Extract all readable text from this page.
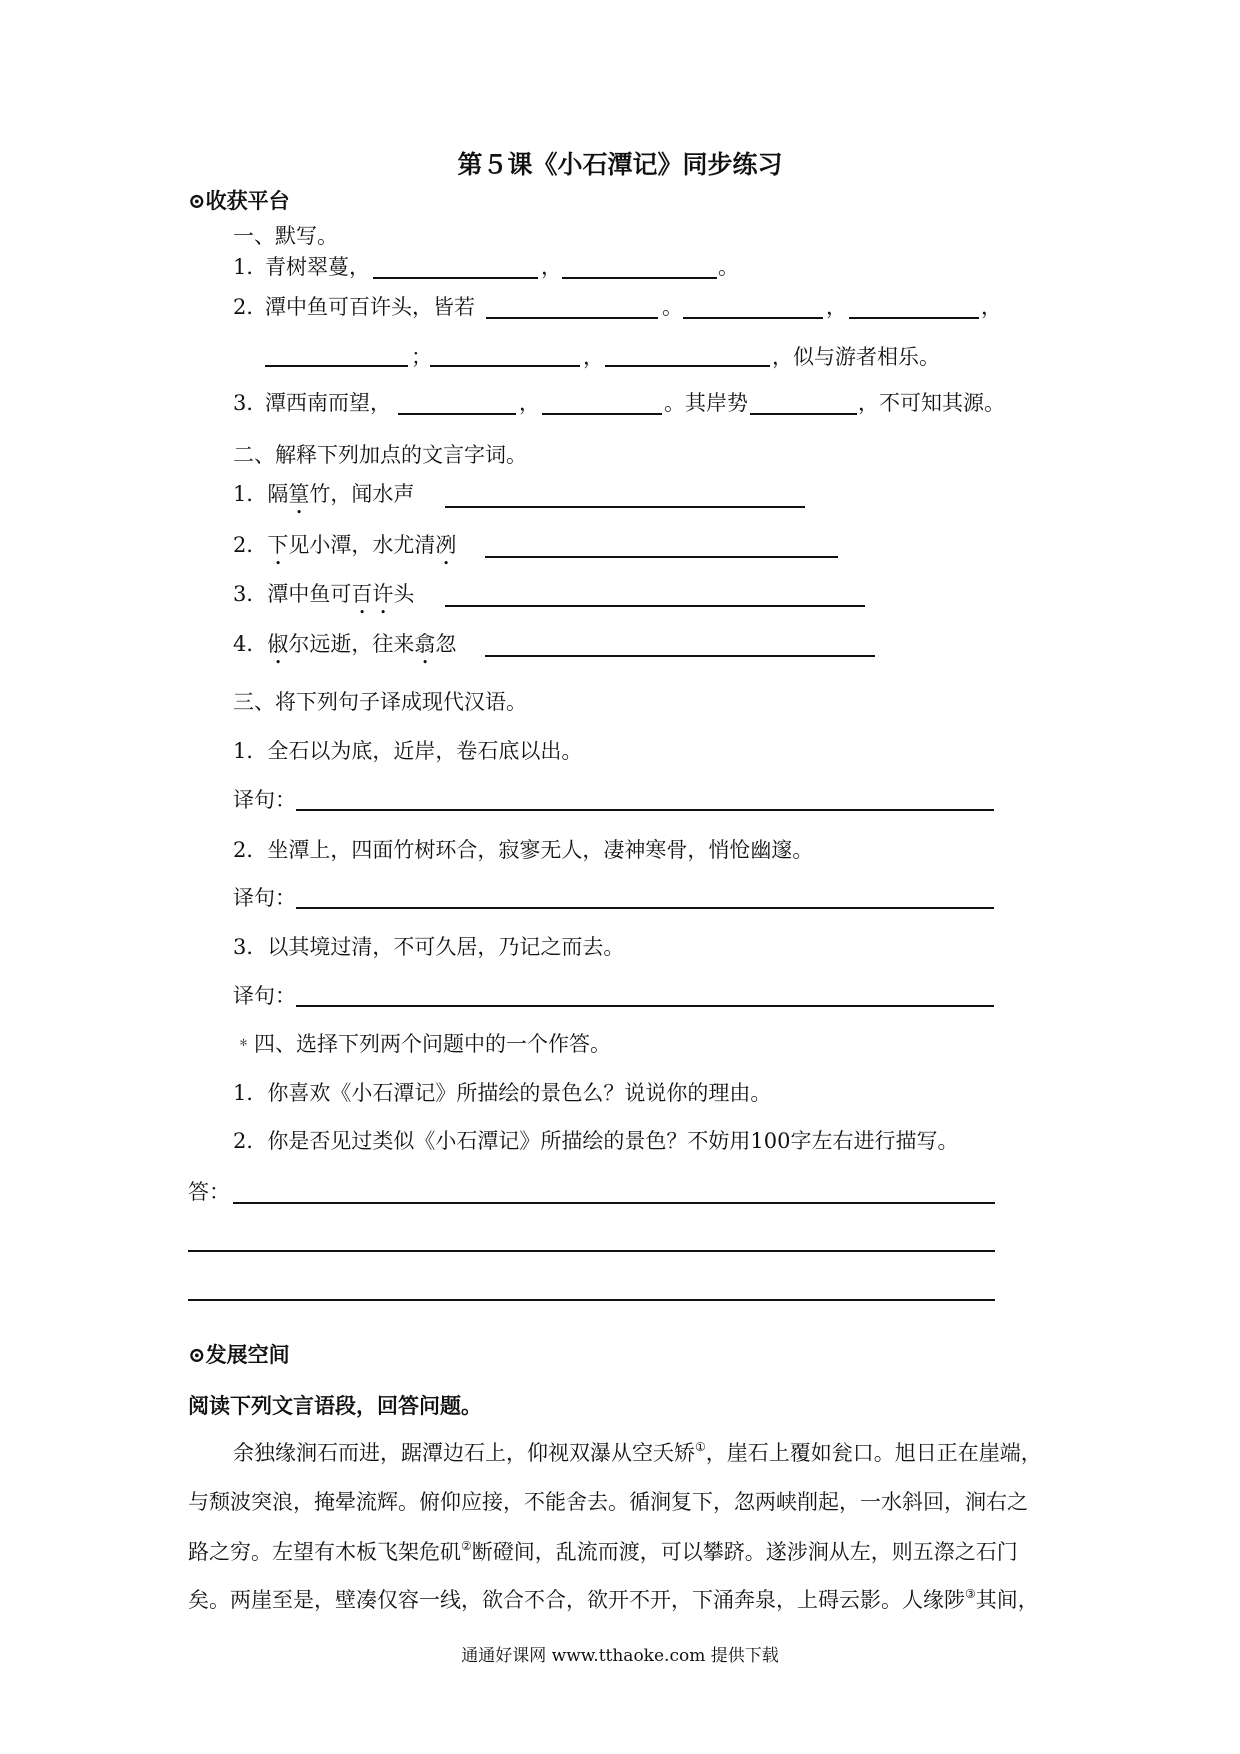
第５课《小石潭记》同步练习
⊙收获平台
一、默写。
1．
青树翠蔓，	，	。
2．
潭中鱼可百许头，皆若	。	，	，
；	，	，似与游者相乐。
3．
潭西南而望，	，	。其岸势	，不可知其源。
二、解释下列加点的文言字词。
1．隔篁竹，闻水声
2．下见小潭，水尤清冽
3．潭中鱼可百许头
4．俶尔远逝，往来翕忽
三、将下列句子译成现代汉语。
1．全石以为底，近岸，卷石底以出。
译句：
2．坐潭上，四面竹树环合，寂寥无人，凄神寒骨，悄怆幽邃。
译句：
3．以其境过清，不可久居，乃记之而去。
译句：
﹡四、选择下列两个问题中的一个作答。
1．你喜欢《小石潭记》所描绘的景色么？说说你的理由。
2．你是否见过类似《小石潭记》所描绘的景色？不妨用100字左右进行描写。
答：
⊙发展空间
阅读下列文言语段，回答问题。
余独缘涧石而进，踞潭边石上，仰视双瀑从空夭矫①，崖石上覆如瓮口。旭日正在崖端，
与颓波突浪，掩晕流辉。俯仰应接，不能舍去。循涧复下，忽两峡削起，一水斜回，涧右之
路之穷。左望有木板飞架危矶②断磴间，乱流而渡，可以攀跻。遂涉涧从左，则五漈之石门
矣。两崖至是，壁凑仅容一线，欲合不合，欲开不开，下涌奔泉，上碍云影。人缘陟③其间，
通通好课网 www.tthaoke.com 提供下载
